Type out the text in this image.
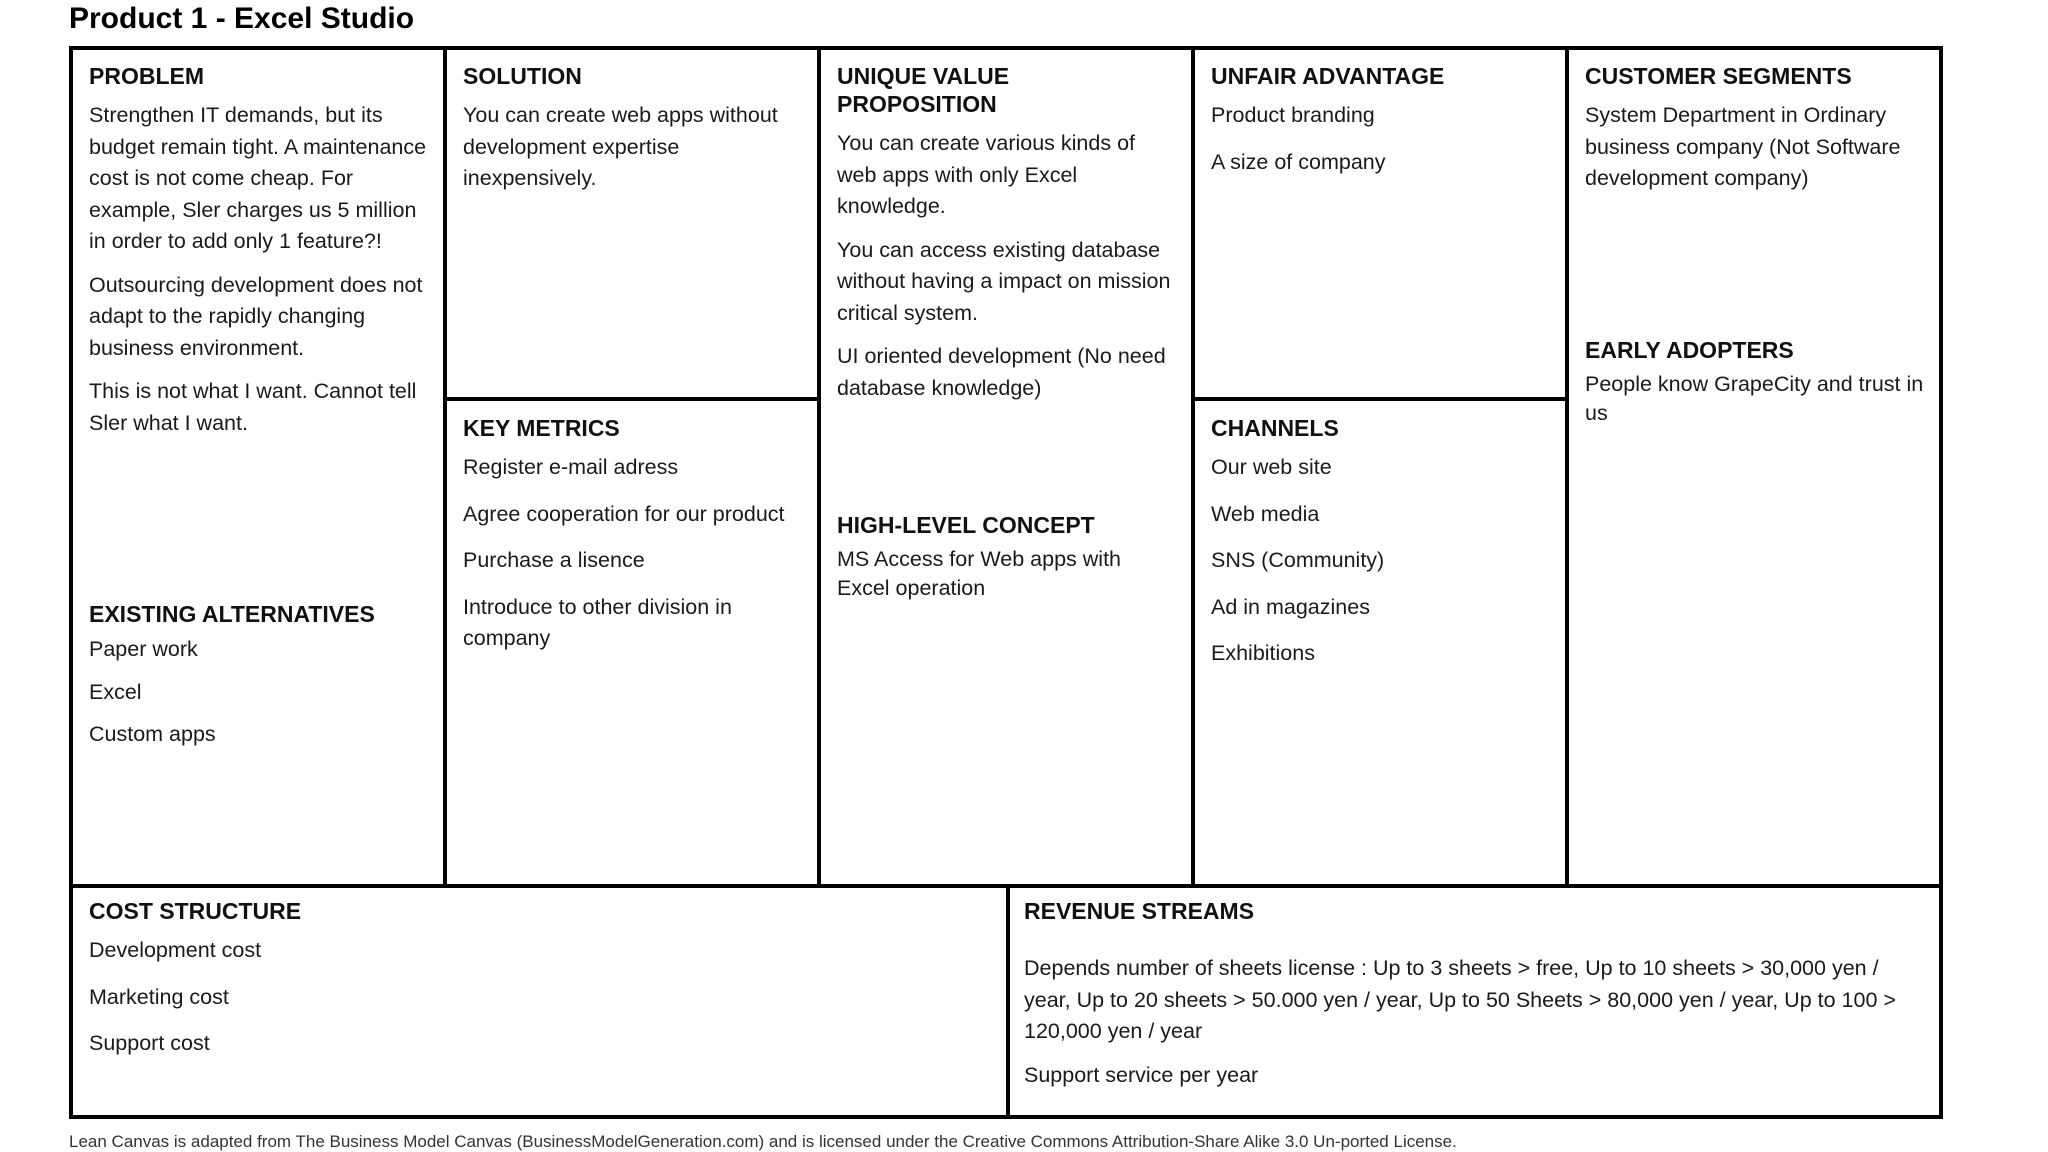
Product 1 - Excel Studio
PROBLEM
Strengthen IT demands, but its budget remain tight. A maintenance cost is not come cheap. For example, Sler charges us 5 million in order to add only 1 feature?!
Outsourcing development does not adapt to the rapidly changing business environment.
This is not what I want. Cannot tell Sler what I want.
EXISTING ALTERNATIVES
Paper work
Excel
Custom apps
SOLUTION
You can create web apps without development expertise inexpensively.
KEY METRICS
Register e-mail adress
Agree cooperation for our product
Purchase a lisence
Introduce to other division in company
UNIQUE VALUE PROPOSITION
You can create various kinds of web apps with only Excel knowledge.
You can access existing database without having a impact on mission critical system.
UI oriented development (No need database knowledge)
HIGH-LEVEL CONCEPT
MS Access for Web apps with Excel operation
UNFAIR ADVANTAGE
Product branding
A size of company
CHANNELS
Our web site
Web media
SNS (Community)
Ad in magazines
Exhibitions
CUSTOMER SEGMENTS
System Department in Ordinary business company (Not Software development company)
EARLY ADOPTERS
People know GrapeCity and trust in us
COST STRUCTURE
Development cost
Marketing cost
Support cost
REVENUE STREAMS
Depends number of sheets license : Up to 3 sheets > free, Up to 10 sheets > 30,000 yen / year, Up to 20 sheets > 50.000 yen / year, Up to 50 Sheets > 80,000 yen / year, Up to 100 > 120,000 yen / year
Support service per year
Lean Canvas is adapted from The Business Model Canvas (BusinessModelGeneration.com) and is licensed under the Creative Commons Attribution-Share Alike 3.0 Un-ported License.
